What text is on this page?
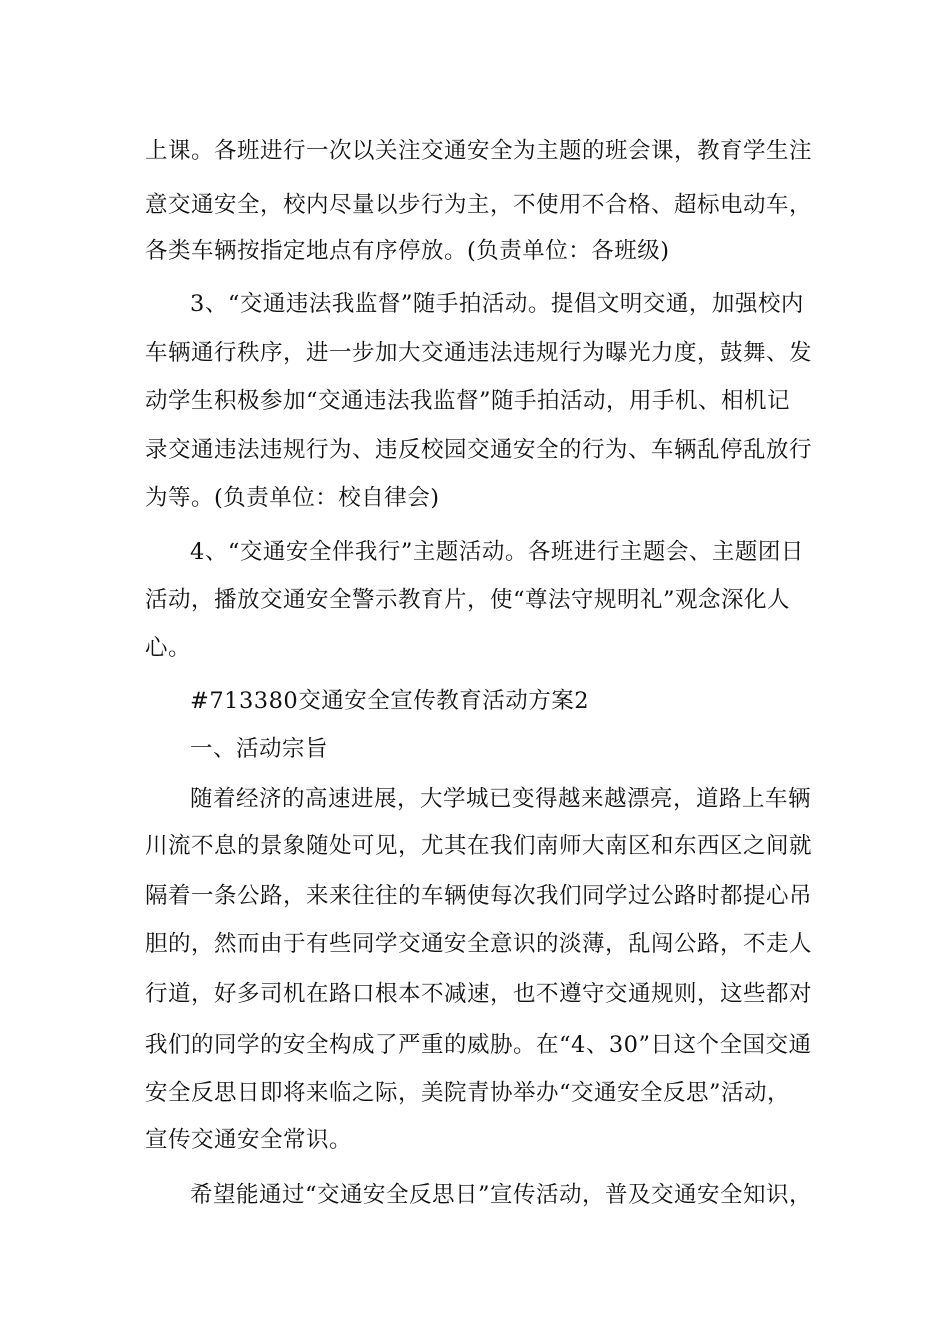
上课。各班进行一次以关注交通安全为主题的班会课，教育学生注
意交通安全，校内尽量以步行为主，不使用不合格、超标电动车，
各类车辆按指定地点有序停放。(负责单位：各班级)
3、“交通违法我监督”随手拍活动。提倡文明交通，加强校内
车辆通行秩序，进一步加大交通违法违规行为曝光力度，鼓舞、发
动学生积极参加“交通违法我监督”随手拍活动，用手机、相机记
录交通违法违规行为、违反校园交通安全的行为、车辆乱停乱放行
为等。(负责单位：校自律会)
4、“交通安全伴我行”主题活动。各班进行主题会、主题团日
活动，播放交通安全警示教育片，使“尊法守规明礼”观念深化人
心。
#713380交通安全宣传教育活动方案2
一、活动宗旨
随着经济的高速进展，大学城已变得越来越漂亮，道路上车辆
川流不息的景象随处可见，尤其在我们南师大南区和东西区之间就
隔着一条公路，来来往往的车辆使每次我们同学过公路时都提心吊
胆的，然而由于有些同学交通安全意识的淡薄，乱闯公路，不走人
行道，好多司机在路口根本不减速，也不遵守交通规则，这些都对
我们的同学的安全构成了严重的威胁。在“4、30”日这个全国交通
安全反思日即将来临之际，美院青协举办“交通安全反思”活动，
宣传交通安全常识。
希望能通过“交通安全反思日”宣传活动，普及交通安全知识，
